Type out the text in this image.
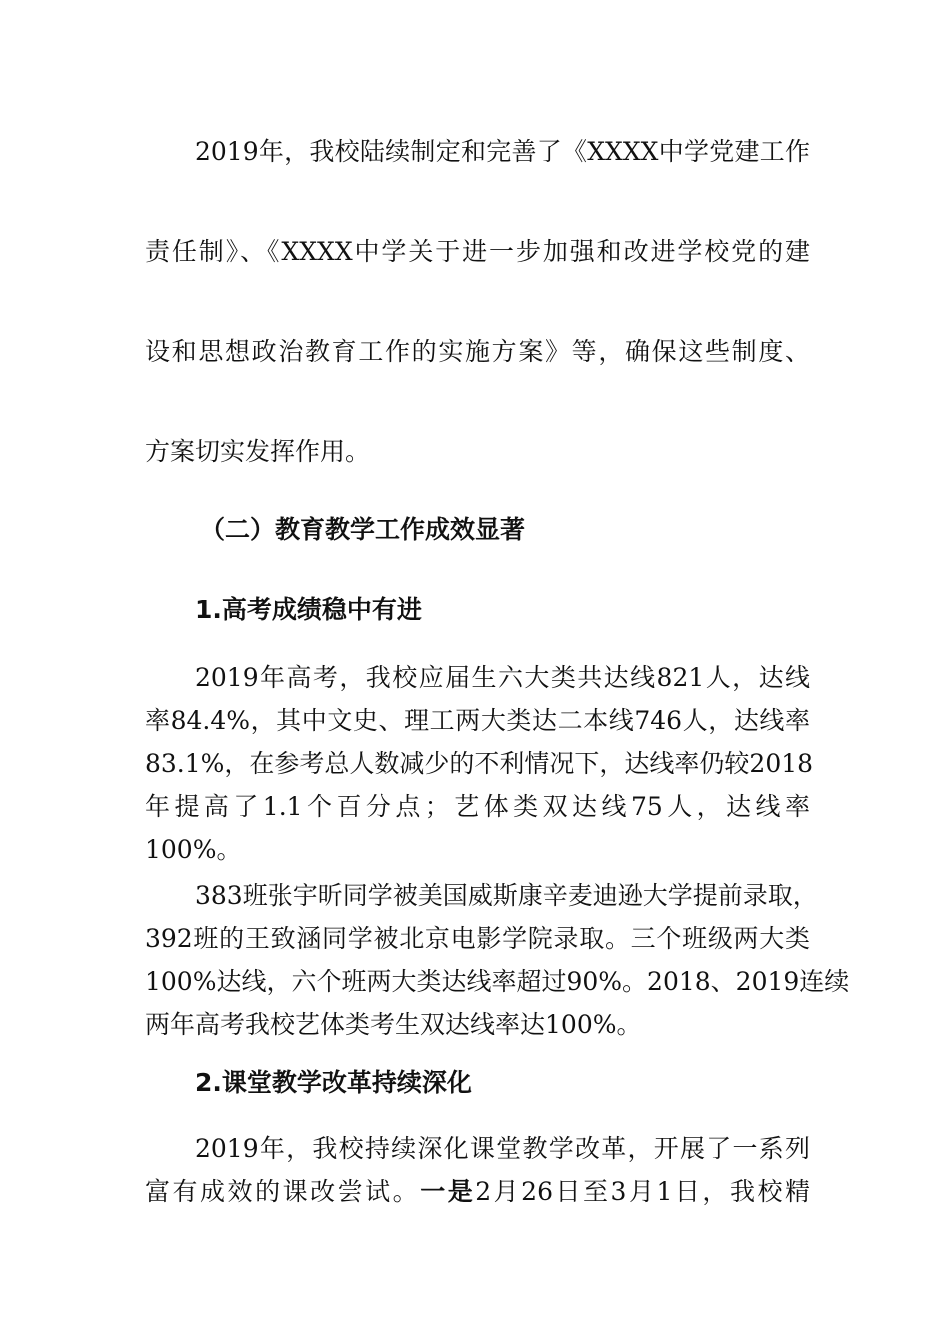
2019年，我校陆续制定和完善了《XXXX中学党建工作
责任制》、《XXXX中学关于进一步加强和改进学校党的建
设和思想政治教育工作的实施方案》等，确保这些制度、
方案切实发挥作用。
（二）教育教学工作成效显著
1.高考成绩稳中有进
2019年高考，我校应届生六大类共达线821人，达线
率84.4%，其中文史、理工两大类达二本线746人，达线率
83.1%，在参考总人数减少的不利情况下，达线率仍较2018
年提高了1.1个百分点；艺体类双达线75人，达线率
100%。
383班张宇昕同学被美国威斯康辛麦迪逊大学提前录取，
392班的王致涵同学被北京电影学院录取。三个班级两大类
100%达线，六个班两大类达线率超过90%。2018、2019连续
两年高考我校艺体类考生双达线率达100%。
2.课堂教学改革持续深化
2019年，我校持续深化课堂教学改革，开展了一系列
富有成效的课改尝试。一是2月26日至3月1日，我校精
